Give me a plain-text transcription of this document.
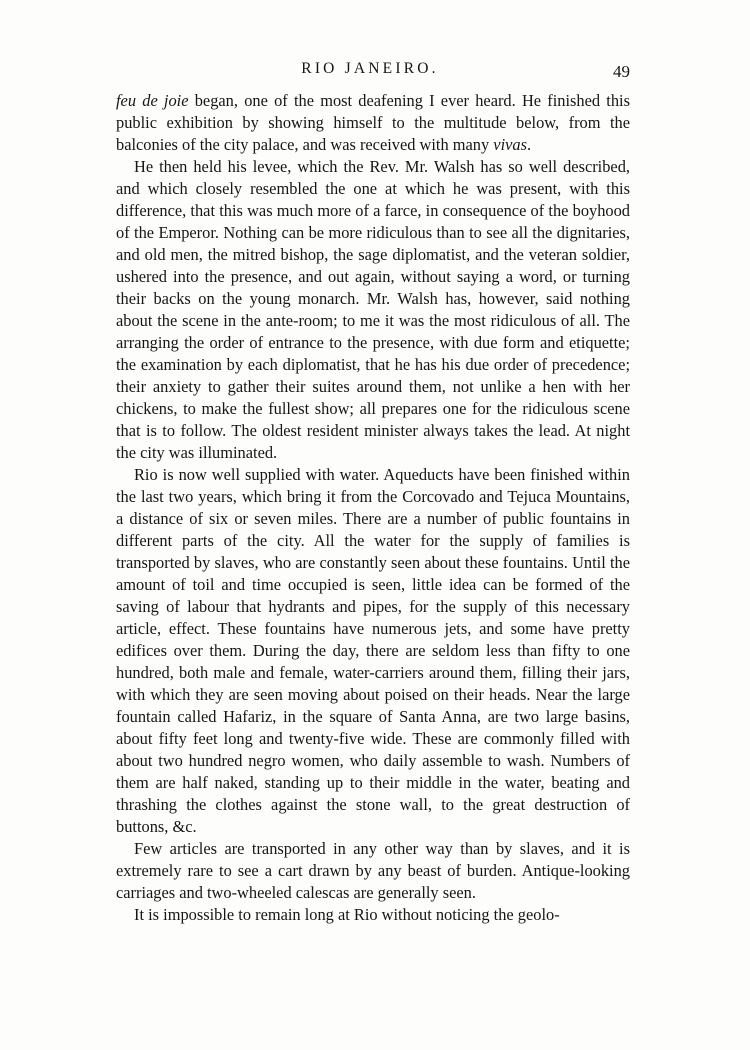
RIO JANEIRO.	49

feu de joie began, one of the most deafening I ever heard. He finished this public exhibition by showing himself to the multitude below, from the balconies of the city palace, and was received with many vivas.

He then held his levee, which the Rev. Mr. Walsh has so well described, and which closely resembled the one at which he was present, with this difference, that this was much more of a farce, in consequence of the boyhood of the Emperor. Nothing can be more ridiculous than to see all the dignitaries, and old men, the mitred bishop, the sage diplomatist, and the veteran soldier, ushered into the presence, and out again, without saying a word, or turning their backs on the young monarch. Mr. Walsh has, however, said nothing about the scene in the ante-room; to me it was the most ridiculous of all. The arranging the order of entrance to the presence, with due form and etiquette; the examination by each diplomatist, that he has his due order of precedence; their anxiety to gather their suites around them, not unlike a hen with her chickens, to make the fullest show; all prepares one for the ridiculous scene that is to follow. The oldest resident minister always takes the lead. At night the city was illuminated.

Rio is now well supplied with water. Aqueducts have been finished within the last two years, which bring it from the Corcovado and Tejuca Mountains, a distance of six or seven miles. There are a number of public fountains in different parts of the city. All the water for the supply of families is transported by slaves, who are constantly seen about these fountains. Until the amount of toil and time occupied is seen, little idea can be formed of the saving of labour that hydrants and pipes, for the supply of this necessary article, effect. These fountains have numerous jets, and some have pretty edifices over them. During the day, there are seldom less than fifty to one hundred, both male and female, water-carriers around them, filling their jars, with which they are seen moving about poised on their heads. Near the large fountain called Hafariz, in the square of Santa Anna, are two large basins, about fifty feet long and twenty-five wide. These are commonly filled with about two hundred negro women, who daily assemble to wash. Numbers of them are half naked, standing up to their middle in the water, beating and thrashing the clothes against the stone wall, to the great destruction of buttons, &c.

Few articles are transported in any other way than by slaves, and it is extremely rare to see a cart drawn by any beast of burden. Antique-looking carriages and two-wheeled calescas are generally seen.

It is impossible to remain long at Rio without noticing the geolo-
